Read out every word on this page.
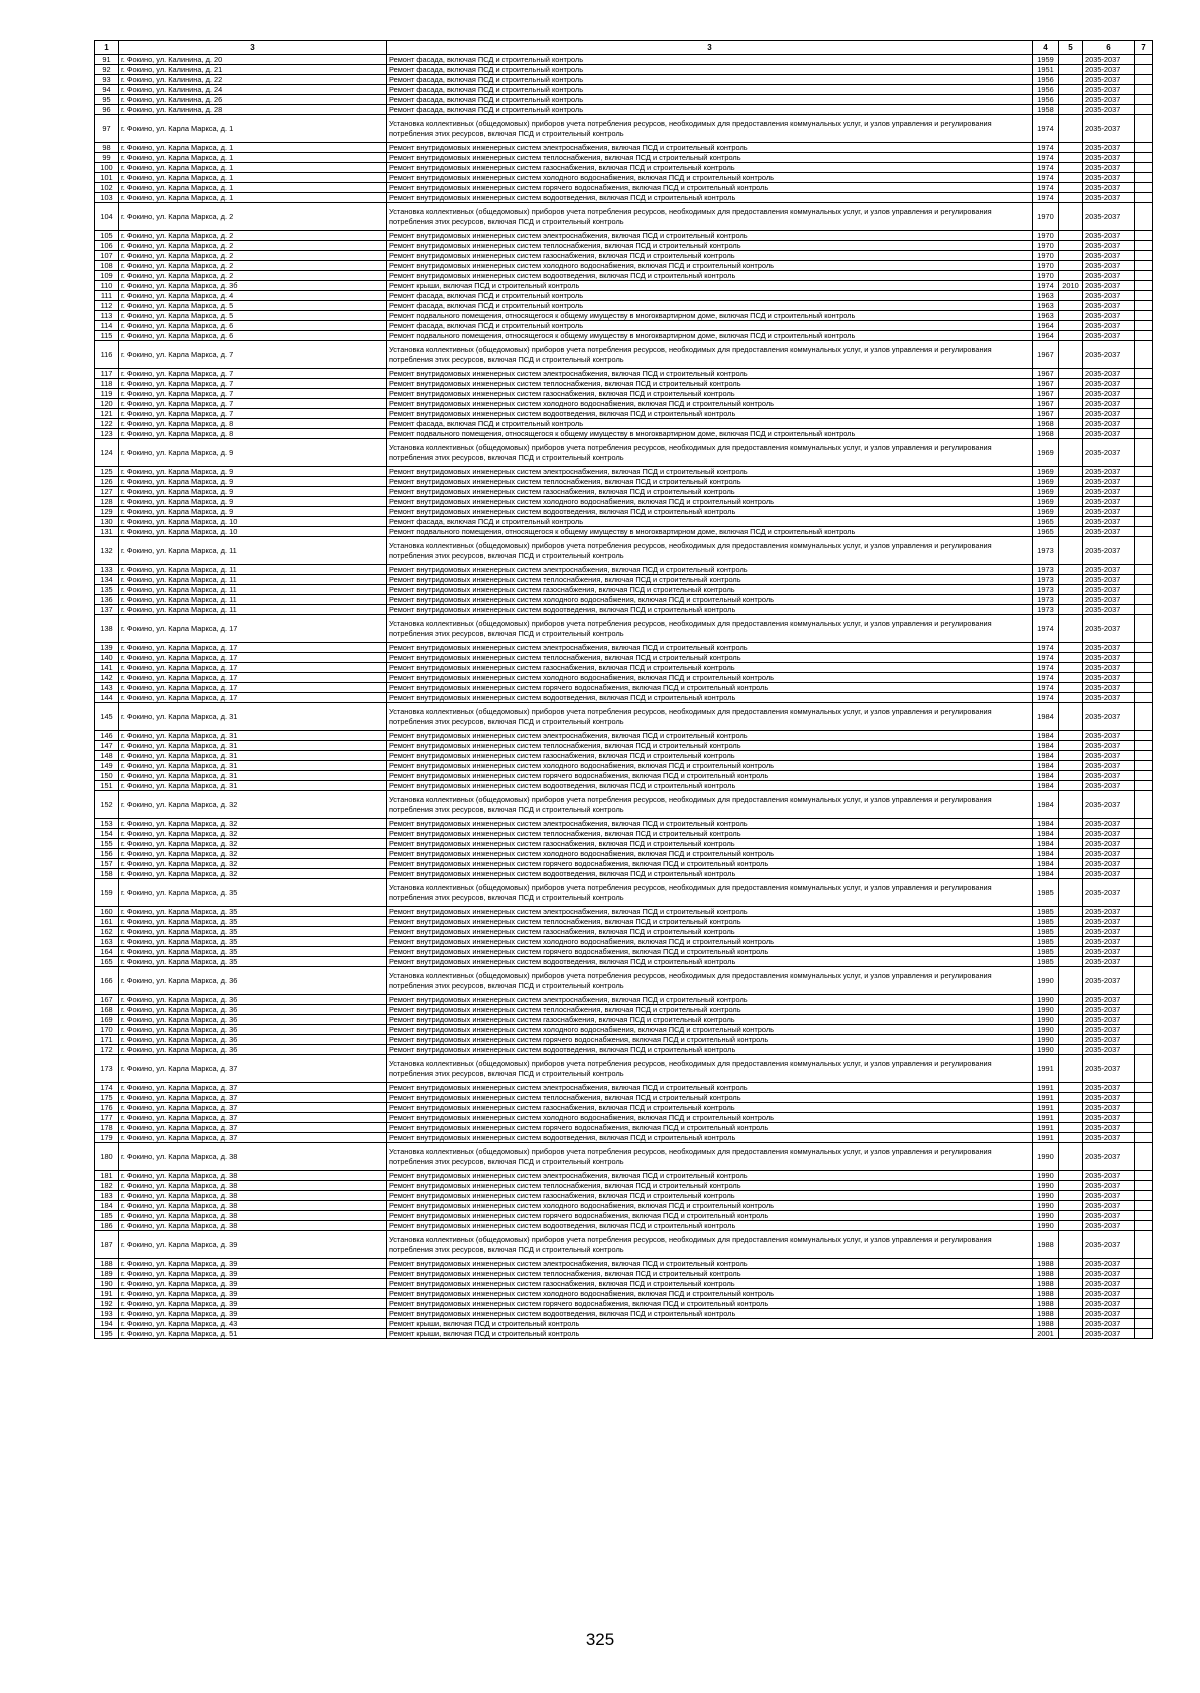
1	3	3	4	5	6	7
91	г. Фокино, ул. Калинина, д. 20	Ремонт фасада, включая ПСД и строительный контроль	1959		2035-2037	
92	г. Фокино, ул. Калинина, д. 21	Ремонт фасада, включая ПСД и строительный контроль	1951		2035-2037	
93	г. Фокино, ул. Калинина, д. 22	Ремонт фасада, включая ПСД и строительный контроль	1956		2035-2037	
94	г. Фокино, ул. Калинина, д. 24	Ремонт фасада, включая ПСД и строительный контроль	1956		2035-2037	
95	г. Фокино, ул. Калинина, д. 26	Ремонт фасада, включая ПСД и строительный контроль	1956		2035-2037	
96	г. Фокино, ул. Калинина, д. 28	Ремонт фасада, включая ПСД и строительный контроль	1958		2035-2037	
97	г. Фокино, ул. Карла Маркса, д. 1	Установка коллективных (общедомовых) приборов учета потребления ресурсов, необходимых для предоставления коммунальных услуг, и узлов управления и регулирования потребления этих ресурсов, включая ПСД и строительный контроль	1974		2035-2037	
98	г. Фокино, ул. Карла Маркса, д. 1	Ремонт внутридомовых инженерных систем электроснабжения, включая ПСД и строительный контроль	1974		2035-2037	
99	г. Фокино, ул. Карла Маркса, д. 1	Ремонт внутридомовых инженерных систем теплоснабжения, включая ПСД и строительный контроль	1974		2035-2037	
100	г. Фокино, ул. Карла Маркса, д. 1	Ремонт внутридомовых инженерных систем газоснабжения, включая ПСД и строительный контроль	1974		2035-2037	
101	г. Фокино, ул. Карла Маркса, д. 1	Ремонт внутридомовых инженерных систем холодного водоснабжения, включая ПСД и строительный контроль	1974		2035-2037	
102	г. Фокино, ул. Карла Маркса, д. 1	Ремонт внутридомовых инженерных систем горячего водоснабжения, включая ПСД и строительный контроль	1974		2035-2037	
103	г. Фокино, ул. Карла Маркса, д. 1	Ремонт внутридомовых инженерных систем водоотведения, включая ПСД и строительный контроль	1974		2035-2037	
104	г. Фокино, ул. Карла Маркса, д. 2	Установка коллективных (общедомовых) приборов учета потребления ресурсов, необходимых для предоставления коммунальных услуг, и узлов управления и регулирования потребления этих ресурсов, включая ПСД и строительный контроль	1970		2035-2037	
105	г. Фокино, ул. Карла Маркса, д. 2	Ремонт внутридомовых инженерных систем электроснабжения, включая ПСД и строительный контроль	1970		2035-2037	
106	г. Фокино, ул. Карла Маркса, д. 2	Ремонт внутридомовых инженерных систем теплоснабжения, включая ПСД и строительный контроль	1970		2035-2037	
107	г. Фокино, ул. Карла Маркса, д. 2	Ремонт внутридомовых инженерных систем газоснабжения, включая ПСД и строительный контроль	1970		2035-2037	
108	г. Фокино, ул. Карла Маркса, д. 2	Ремонт внутридомовых инженерных систем холодного водоснабжения, включая ПСД и строительный контроль	1970		2035-2037	
109	г. Фокино, ул. Карла Маркса, д. 2	Ремонт внутридомовых инженерных систем водоотведения, включая ПСД и строительный контроль	1970		2035-2037	
110	г. Фокино, ул. Карла Маркса, д. 3б	Ремонт крыши, включая ПСД и строительный контроль	1974	2010	2035-2037	
111	г. Фокино, ул. Карла Маркса, д. 4	Ремонт фасада, включая ПСД и строительный контроль	1963		2035-2037	
112	г. Фокино, ул. Карла Маркса, д. 5	Ремонт фасада, включая ПСД и строительный контроль	1963		2035-2037	
113	г. Фокино, ул. Карла Маркса, д. 5	Ремонт подвального помещения, относящегося к общему имуществу в многоквартирном доме, включая ПСД и строительный контроль	1963		2035-2037	
114	г. Фокино, ул. Карла Маркса, д. 6	Ремонт фасада, включая ПСД и строительный контроль	1964		2035-2037	
115	г. Фокино, ул. Карла Маркса, д. 6	Ремонт подвального помещения, относящегося к общему имуществу в многоквартирном доме, включая ПСД и строительный контроль	1964		2035-2037	
116	г. Фокино, ул. Карла Маркса, д. 7	Установка коллективных (общедомовых) приборов учета потребления ресурсов, необходимых для предоставления коммунальных услуг, и узлов управления и регулирования потребления этих ресурсов, включая ПСД и строительный контроль	1967		2035-2037	
117	г. Фокино, ул. Карла Маркса, д. 7	Ремонт внутридомовых инженерных систем электроснабжения, включая ПСД и строительный контроль	1967		2035-2037	
118	г. Фокино, ул. Карла Маркса, д. 7	Ремонт внутридомовых инженерных систем теплоснабжения, включая ПСД и строительный контроль	1967		2035-2037	
119	г. Фокино, ул. Карла Маркса, д. 7	Ремонт внутридомовых инженерных систем газоснабжения, включая ПСД и строительный контроль	1967		2035-2037	
120	г. Фокино, ул. Карла Маркса, д. 7	Ремонт внутридомовых инженерных систем холодного водоснабжения, включая ПСД и строительный контроль	1967		2035-2037	
121	г. Фокино, ул. Карла Маркса, д. 7	Ремонт внутридомовых инженерных систем водоотведения, включая ПСД и строительный контроль	1967		2035-2037	
122	г. Фокино, ул. Карла Маркса, д. 8	Ремонт фасада, включая ПСД и строительный контроль	1968		2035-2037	
123	г. Фокино, ул. Карла Маркса, д. 8	Ремонт подвального помещения, относящегося к общему имуществу в многоквартирном доме, включая ПСД и строительный контроль	1968		2035-2037	
124	г. Фокино, ул. Карла Маркса, д. 9	Установка коллективных (общедомовых) приборов учета потребления ресурсов, необходимых для предоставления коммунальных услуг, и узлов управления и регулирования потребления этих ресурсов, включая ПСД и строительный контроль	1969		2035-2037	
125	г. Фокино, ул. Карла Маркса, д. 9	Ремонт внутридомовых инженерных систем электроснабжения, включая ПСД и строительный контроль	1969		2035-2037	
126	г. Фокино, ул. Карла Маркса, д. 9	Ремонт внутридомовых инженерных систем теплоснабжения, включая ПСД и строительный контроль	1969		2035-2037	
127	г. Фокино, ул. Карла Маркса, д. 9	Ремонт внутридомовых инженерных систем газоснабжения, включая ПСД и строительный контроль	1969		2035-2037	
128	г. Фокино, ул. Карла Маркса, д. 9	Ремонт внутридомовых инженерных систем холодного водоснабжения, включая ПСД и строительный контроль	1969		2035-2037	
129	г. Фокино, ул. Карла Маркса, д. 9	Ремонт внутридомовых инженерных систем водоотведения, включая ПСД и строительный контроль	1969		2035-2037	
130	г. Фокино, ул. Карла Маркса, д. 10	Ремонт фасада, включая ПСД и строительный контроль	1965		2035-2037	
131	г. Фокино, ул. Карла Маркса, д. 10	Ремонт подвального помещения, относящегося к общему имуществу в многоквартирном доме, включая ПСД и строительный контроль	1965		2035-2037	
132	г. Фокино, ул. Карла Маркса, д. 11	Установка коллективных (общедомовых) приборов учета потребления ресурсов, необходимых для предоставления коммунальных услуг, и узлов управления и регулирования потребления этих ресурсов, включая ПСД и строительный контроль	1973		2035-2037	
133	г. Фокино, ул. Карла Маркса, д. 11	Ремонт внутридомовых инженерных систем электроснабжения, включая ПСД и строительный контроль	1973		2035-2037	
134	г. Фокино, ул. Карла Маркса, д. 11	Ремонт внутридомовых инженерных систем теплоснабжения, включая ПСД и строительный контроль	1973		2035-2037	
135	г. Фокино, ул. Карла Маркса, д. 11	Ремонт внутридомовых инженерных систем газоснабжения, включая ПСД и строительный контроль	1973		2035-2037	
136	г. Фокино, ул. Карла Маркса, д. 11	Ремонт внутридомовых инженерных систем холодного водоснабжения, включая ПСД и строительный контроль	1973		2035-2037	
137	г. Фокино, ул. Карла Маркса, д. 11	Ремонт внутридомовых инженерных систем водоотведения, включая ПСД и строительный контроль	1973		2035-2037	
138	г. Фокино, ул. Карла Маркса, д. 17	Установка коллективных (общедомовых) приборов учета потребления ресурсов, необходимых для предоставления коммунальных услуг, и узлов управления и регулирования потребления этих ресурсов, включая ПСД и строительный контроль	1974		2035-2037	
139	г. Фокино, ул. Карла Маркса, д. 17	Ремонт внутридомовых инженерных систем электроснабжения, включая ПСД и строительный контроль	1974		2035-2037	
140	г. Фокино, ул. Карла Маркса, д. 17	Ремонт внутридомовых инженерных систем теплоснабжения, включая ПСД и строительный контроль	1974		2035-2037	
141	г. Фокино, ул. Карла Маркса, д. 17	Ремонт внутридомовых инженерных систем газоснабжения, включая ПСД и строительный контроль	1974		2035-2037	
142	г. Фокино, ул. Карла Маркса, д. 17	Ремонт внутридомовых инженерных систем холодного водоснабжения, включая ПСД и строительный контроль	1974		2035-2037	
143	г. Фокино, ул. Карла Маркса, д. 17	Ремонт внутридомовых инженерных систем горячего водоснабжения, включая ПСД и строительный контроль	1974		2035-2037	
144	г. Фокино, ул. Карла Маркса, д. 17	Ремонт внутридомовых инженерных систем водоотведения, включая ПСД и строительный контроль	1974		2035-2037	
145	г. Фокино, ул. Карла Маркса, д. 31	Установка коллективных (общедомовых) приборов учета потребления ресурсов, необходимых для предоставления коммунальных услуг, и узлов управления и регулирования потребления этих ресурсов, включая ПСД и строительный контроль	1984		2035-2037	
146	г. Фокино, ул. Карла Маркса, д. 31	Ремонт внутридомовых инженерных систем электроснабжения, включая ПСД и строительный контроль	1984		2035-2037	
147	г. Фокино, ул. Карла Маркса, д. 31	Ремонт внутридомовых инженерных систем теплоснабжения, включая ПСД и строительный контроль	1984		2035-2037	
148	г. Фокино, ул. Карла Маркса, д. 31	Ремонт внутридомовых инженерных систем газоснабжения, включая ПСД и строительный контроль	1984		2035-2037	
149	г. Фокино, ул. Карла Маркса, д. 31	Ремонт внутридомовых инженерных систем холодного водоснабжения, включая ПСД и строительный контроль	1984		2035-2037	
150	г. Фокино, ул. Карла Маркса, д. 31	Ремонт внутридомовых инженерных систем горячего водоснабжения, включая ПСД и строительный контроль	1984		2035-2037	
151	г. Фокино, ул. Карла Маркса, д. 31	Ремонт внутридомовых инженерных систем водоотведения, включая ПСД и строительный контроль	1984		2035-2037	
152	г. Фокино, ул. Карла Маркса, д. 32	Установка коллективных (общедомовых) приборов учета потребления ресурсов, необходимых для предоставления коммунальных услуг, и узлов управления и регулирования потребления этих ресурсов, включая ПСД и строительный контроль	1984		2035-2037	
153	г. Фокино, ул. Карла Маркса, д. 32	Ремонт внутридомовых инженерных систем электроснабжения, включая ПСД и строительный контроль	1984		2035-2037	
154	г. Фокино, ул. Карла Маркса, д. 32	Ремонт внутридомовых инженерных систем теплоснабжения, включая ПСД и строительный контроль	1984		2035-2037	
155	г. Фокино, ул. Карла Маркса, д. 32	Ремонт внутридомовых инженерных систем газоснабжения, включая ПСД и строительный контроль	1984		2035-2037	
156	г. Фокино, ул. Карла Маркса, д. 32	Ремонт внутридомовых инженерных систем холодного водоснабжения, включая ПСД и строительный контроль	1984		2035-2037	
157	г. Фокино, ул. Карла Маркса, д. 32	Ремонт внутридомовых инженерных систем горячего водоснабжения, включая ПСД и строительный контроль	1984		2035-2037	
158	г. Фокино, ул. Карла Маркса, д. 32	Ремонт внутридомовых инженерных систем водоотведения, включая ПСД и строительный контроль	1984		2035-2037	
159	г. Фокино, ул. Карла Маркса, д. 35	Установка коллективных (общедомовых) приборов учета потребления ресурсов, необходимых для предоставления коммунальных услуг, и узлов управления и регулирования потребления этих ресурсов, включая ПСД и строительный контроль	1985		2035-2037	
160	г. Фокино, ул. Карла Маркса, д. 35	Ремонт внутридомовых инженерных систем электроснабжения, включая ПСД и строительный контроль	1985		2035-2037	
161	г. Фокино, ул. Карла Маркса, д. 35	Ремонт внутридомовых инженерных систем теплоснабжения, включая ПСД и строительный контроль	1985		2035-2037	
162	г. Фокино, ул. Карла Маркса, д. 35	Ремонт внутридомовых инженерных систем газоснабжения, включая ПСД и строительный контроль	1985		2035-2037	
163	г. Фокино, ул. Карла Маркса, д. 35	Ремонт внутридомовых инженерных систем холодного водоснабжения, включая ПСД и строительный контроль	1985		2035-2037	
164	г. Фокино, ул. Карла Маркса, д. 35	Ремонт внутридомовых инженерных систем горячего водоснабжения, включая ПСД и строительный контроль	1985		2035-2037	
165	г. Фокино, ул. Карла Маркса, д. 35	Ремонт внутридомовых инженерных систем водоотведения, включая ПСД и строительный контроль	1985		2035-2037	
166	г. Фокино, ул. Карла Маркса, д. 36	Установка коллективных (общедомовых) приборов учета потребления ресурсов, необходимых для предоставления коммунальных услуг, и узлов управления и регулирования потребления этих ресурсов, включая ПСД и строительный контроль	1990		2035-2037	
167	г. Фокино, ул. Карла Маркса, д. 36	Ремонт внутридомовых инженерных систем электроснабжения, включая ПСД и строительный контроль	1990		2035-2037	
168	г. Фокино, ул. Карла Маркса, д. 36	Ремонт внутридомовых инженерных систем теплоснабжения, включая ПСД и строительный контроль	1990		2035-2037	
169	г. Фокино, ул. Карла Маркса, д. 36	Ремонт внутридомовых инженерных систем газоснабжения, включая ПСД и строительный контроль	1990		2035-2037	
170	г. Фокино, ул. Карла Маркса, д. 36	Ремонт внутридомовых инженерных систем холодного водоснабжения, включая ПСД и строительный контроль	1990		2035-2037	
171	г. Фокино, ул. Карла Маркса, д. 36	Ремонт внутридомовых инженерных систем горячего водоснабжения, включая ПСД и строительный контроль	1990		2035-2037	
172	г. Фокино, ул. Карла Маркса, д. 36	Ремонт внутридомовых инженерных систем водоотведения, включая ПСД и строительный контроль	1990		2035-2037	
173	г. Фокино, ул. Карла Маркса, д. 37	Установка коллективных (общедомовых) приборов учета потребления ресурсов, необходимых для предоставления коммунальных услуг, и узлов управления и регулирования потребления этих ресурсов, включая ПСД и строительный контроль	1991		2035-2037	
174	г. Фокино, ул. Карла Маркса, д. 37	Ремонт внутридомовых инженерных систем электроснабжения, включая ПСД и строительный контроль	1991		2035-2037	
175	г. Фокино, ул. Карла Маркса, д. 37	Ремонт внутридомовых инженерных систем теплоснабжения, включая ПСД и строительный контроль	1991		2035-2037	
176	г. Фокино, ул. Карла Маркса, д. 37	Ремонт внутридомовых инженерных систем газоснабжения, включая ПСД и строительный контроль	1991		2035-2037	
177	г. Фокино, ул. Карла Маркса, д. 37	Ремонт внутридомовых инженерных систем холодного водоснабжения, включая ПСД и строительный контроль	1991		2035-2037	
178	г. Фокино, ул. Карла Маркса, д. 37	Ремонт внутридомовых инженерных систем горячего водоснабжения, включая ПСД и строительный контроль	1991		2035-2037	
179	г. Фокино, ул. Карла Маркса, д. 37	Ремонт внутридомовых инженерных систем водоотведения, включая ПСД и строительный контроль	1991		2035-2037	
180	г. Фокино, ул. Карла Маркса, д. 38	Установка коллективных (общедомовых) приборов учета потребления ресурсов, необходимых для предоставления коммунальных услуг, и узлов управления и регулирования потребления этих ресурсов, включая ПСД и строительный контроль	1990		2035-2037	
181	г. Фокино, ул. Карла Маркса, д. 38	Ремонт внутридомовых инженерных систем электроснабжения, включая ПСД и строительный контроль	1990		2035-2037	
182	г. Фокино, ул. Карла Маркса, д. 38	Ремонт внутридомовых инженерных систем теплоснабжения, включая ПСД и строительный контроль	1990		2035-2037	
183	г. Фокино, ул. Карла Маркса, д. 38	Ремонт внутридомовых инженерных систем газоснабжения, включая ПСД и строительный контроль	1990		2035-2037	
184	г. Фокино, ул. Карла Маркса, д. 38	Ремонт внутридомовых инженерных систем холодного водоснабжения, включая ПСД и строительный контроль	1990		2035-2037	
185	г. Фокино, ул. Карла Маркса, д. 38	Ремонт внутридомовых инженерных систем горячего водоснабжения, включая ПСД и строительный контроль	1990		2035-2037	
186	г. Фокино, ул. Карла Маркса, д. 38	Ремонт внутридомовых инженерных систем водоотведения, включая ПСД и строительный контроль	1990		2035-2037	
187	г. Фокино, ул. Карла Маркса, д. 39	Установка коллективных (общедомовых) приборов учета потребления ресурсов, необходимых для предоставления коммунальных услуг, и узлов управления и регулирования потребления этих ресурсов, включая ПСД и строительный контроль	1988		2035-2037	
188	г. Фокино, ул. Карла Маркса, д. 39	Ремонт внутридомовых инженерных систем электроснабжения, включая ПСД и строительный контроль	1988		2035-2037	
189	г. Фокино, ул. Карла Маркса, д. 39	Ремонт внутридомовых инженерных систем теплоснабжения, включая ПСД и строительный контроль	1988		2035-2037	
190	г. Фокино, ул. Карла Маркса, д. 39	Ремонт внутридомовых инженерных систем газоснабжения, включая ПСД и строительный контроль	1988		2035-2037	
191	г. Фокино, ул. Карла Маркса, д. 39	Ремонт внутридомовых инженерных систем холодного водоснабжения, включая ПСД и строительный контроль	1988		2035-2037	
192	г. Фокино, ул. Карла Маркса, д. 39	Ремонт внутридомовых инженерных систем горячего водоснабжения, включая ПСД и строительный контроль	1988		2035-2037	
193	г. Фокино, ул. Карла Маркса, д. 39	Ремонт внутридомовых инженерных систем водоотведения, включая ПСД и строительный контроль	1988		2035-2037	
194	г. Фокино, ул. Карла Маркса, д. 43	Ремонт крыши, включая ПСД и строительный контроль	1988		2035-2037	
195	г. Фокино, ул. Карла Маркса, д. 51	Ремонт крыши, включая ПСД и строительный контроль	2001		2035-2037	
325
